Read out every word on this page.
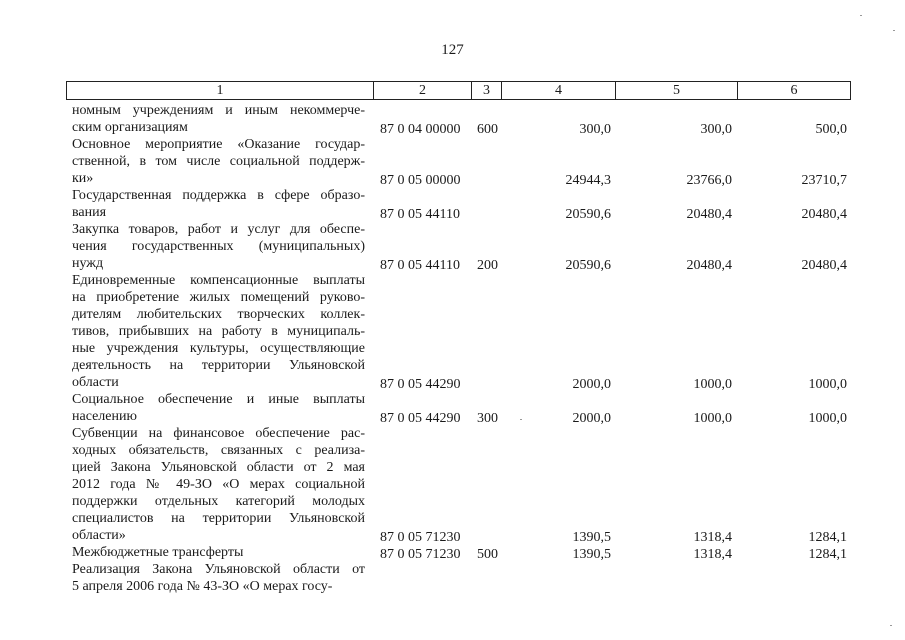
127
1	2	3	4	5	6
номным учреждениям и иным некоммерче-
ским организациям	87 0 04 00000 600	300,0	300,0	500,0
Основное мероприятие «Оказание государ-
ственной, в том числе социальной поддерж-
ки»	87 0 05 00000	24944,3	23766,0	23710,7
Государственная поддержка в сфере образо-
вания	87 0 05 44110	20590,6	20480,4	20480,4
Закупка товаров, работ и услуг для обеспе-
чения государственных (муниципальных)
нужд	87 0 05 44110 200	20590,6	20480,4	20480,4
Единовременные компенсационные выплаты
на приобретение жилых помещений руково-
дителям любительских творческих коллек-
тивов, прибывших на работу в муниципаль-
ные учреждения культуры, осуществляющие
деятельность на территории Ульяновской
области	87 0 05 44290	2000,0	1000,0	1000,0
Социальное обеспечение и иные выплаты
населению	87 0 05 44290 300	2000,0	1000,0	1000,0
Субвенции на финансовое обеспечение рас-
ходных обязательств, связанных с реализа-
цией Закона Ульяновской области от 2 мая
2012 года № 49-ЗО «О мерах социальной
поддержки отдельных категорий молодых
специалистов на территории Ульяновской
области»	87 0 05 71230	1390,5	1318,4	1284,1
Межбюджетные трансферты	87 0 05 71230 500	1390,5	1318,4	1284,1
Реализация Закона Ульяновской области от
5 апреля 2006 года № 43-ЗО «О мерах госу-
